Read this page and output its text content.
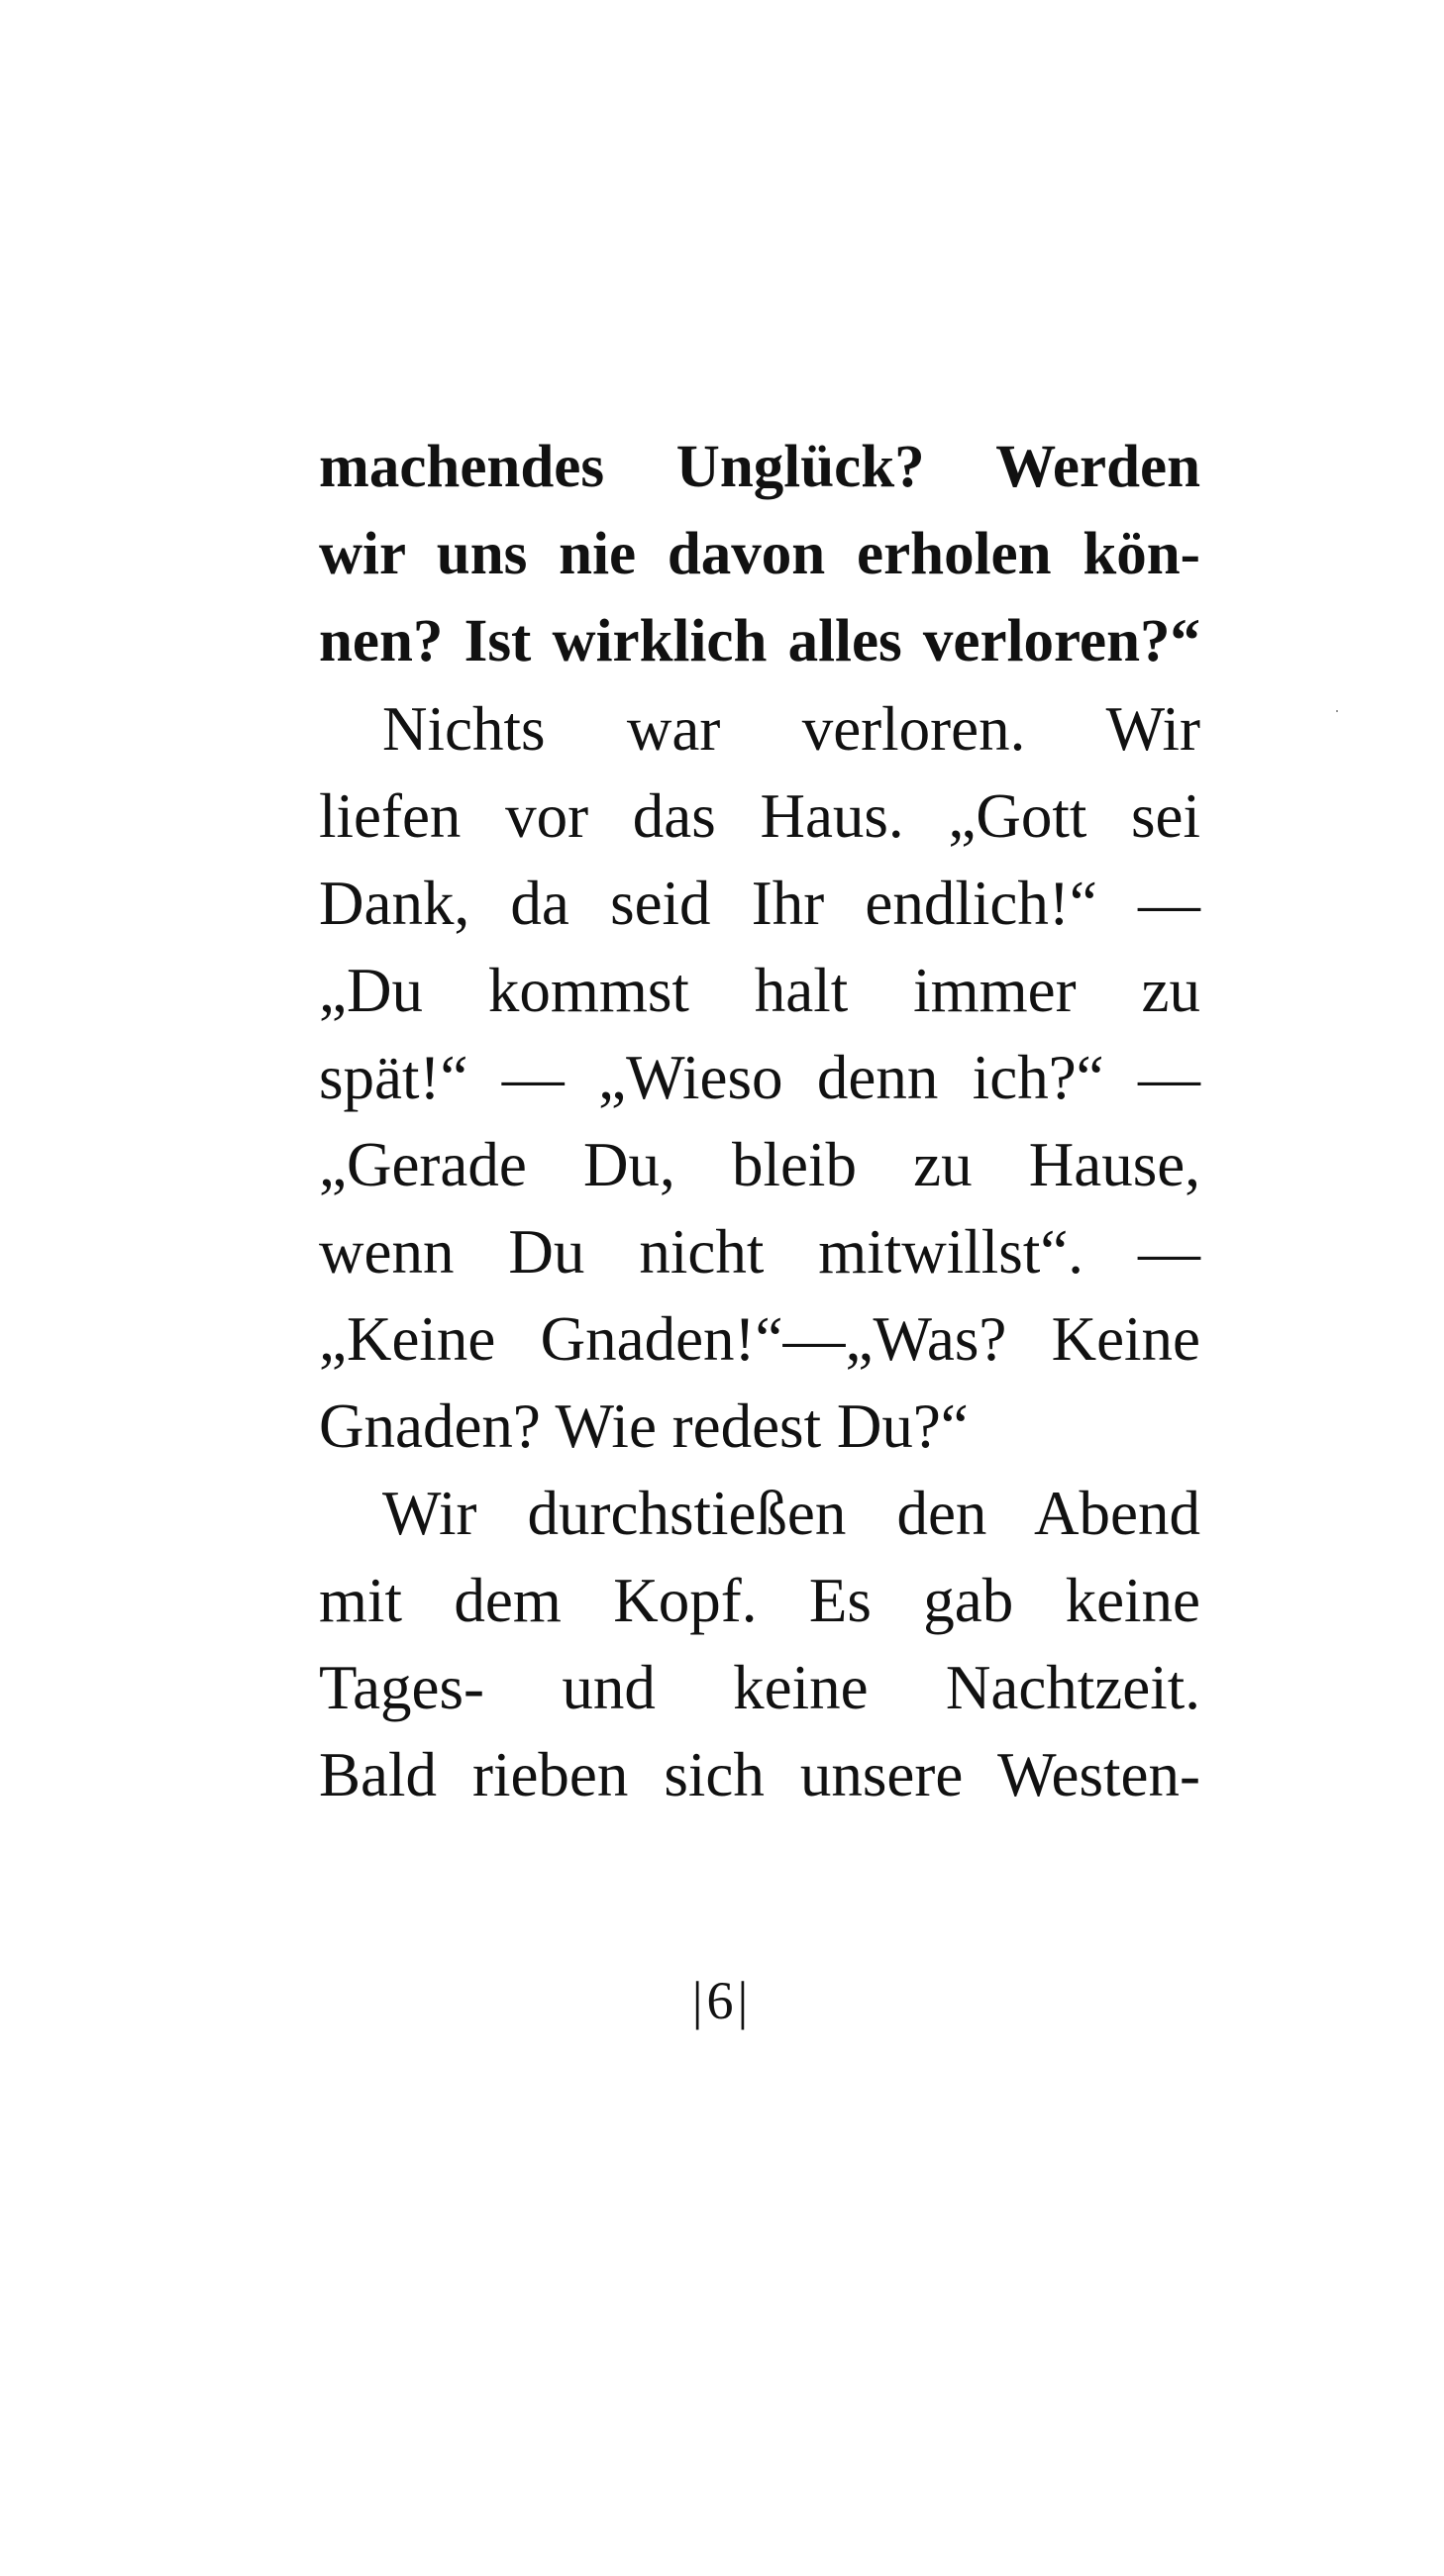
machendes Unglück? Werden
wir uns nie davon erholen kön-
nen? Ist wirklich alles verloren?“
Nichts war verloren. Wir
liefen vor das Haus. „Gott sei
Dank, da seid Ihr endlich!“ —
„Du kommst halt immer zu
spät!“ — „Wieso denn ich?“ —
„Gerade Du, bleib zu Hause,
wenn Du nicht mitwillst“. —
„Keine Gnaden!“—„Was? Keine
Gnaden? Wie redest Du?“
Wir durchstießen den Abend
mit dem Kopf. Es gab keine
Tages- und keine Nachtzeit.
Bald rieben sich unsere Westen-
|6|
